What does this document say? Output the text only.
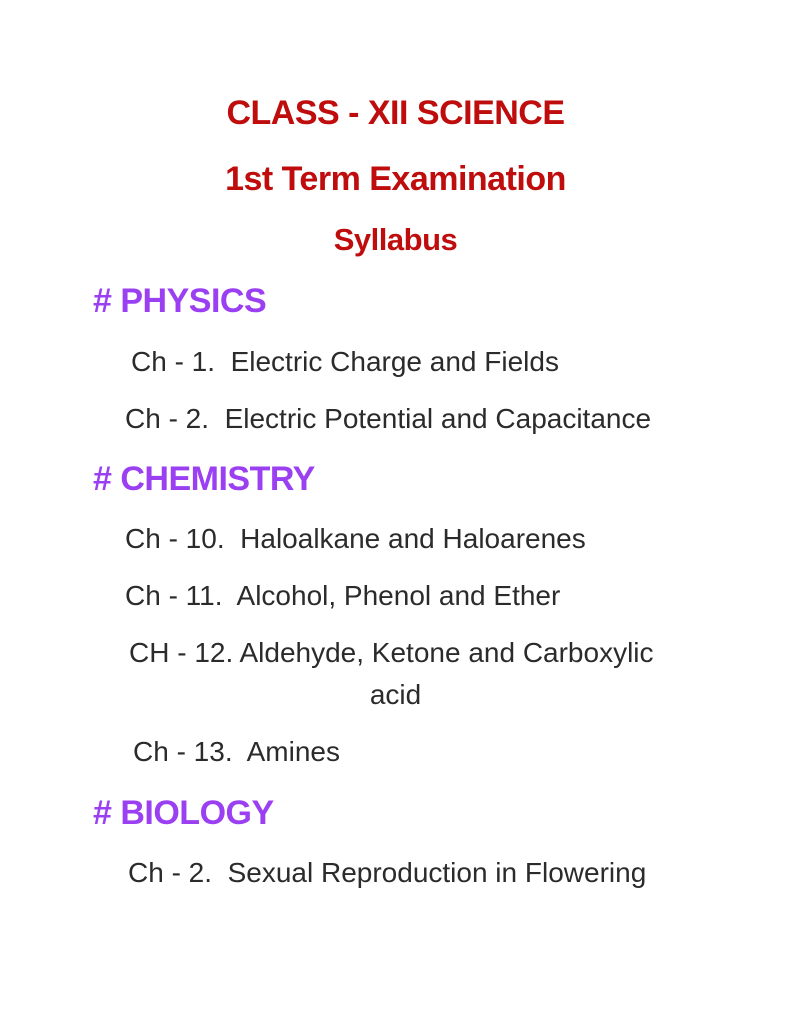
CLASS - XII SCIENCE
1st Term Examination
Syllabus
# PHYSICS

Ch - 1.  Electric Charge and Fields

Ch - 2.  Electric Potential and Capacitance

# CHEMISTRY

Ch - 10.  Haloalkane and Haloarenes

Ch - 11.  Alcohol, Phenol and Ether

CH - 12. Aldehyde, Ketone and Carboxylic

acid

Ch - 13.  Amines

# BIOLOGY

Ch - 2.  Sexual Reproduction in Flowering
